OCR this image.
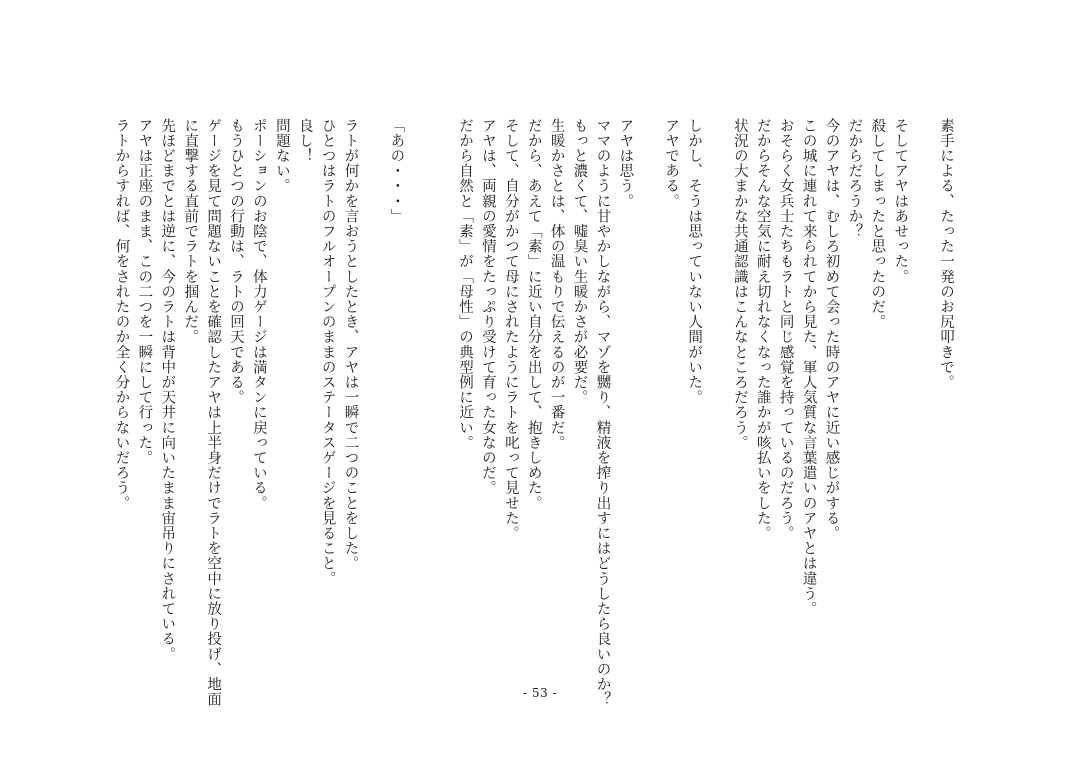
素手による、たった一発のお尻叩きで。
そしてアヤはあせった。
殺してしまったと思ったのだ。
だからだろうか？
今のアヤは、むしろ初めて会った時のアヤに近い感じがする。
この城に連れて来られてから見た、軍人気質な言葉遣いのアヤとは違う。
おそらく女兵士たちもラトと同じ感覚を持っているのだろう。
だからそんな空気に耐え切れなくなった誰かが咳払いをした。
状況の大まかな共通認識はこんなところだろう。
しかし、そうは思っていない人間がいた。
アヤである。
アヤは思う。
ママのように甘やかしながら、マゾを嬲り、精液を搾り出すにはどうしたら良いのか？
もっと濃くて、嘘臭い生暖かさが必要だ。
生暖かさとは、体の温もりで伝えるのが一番だ。
だから、あえて「素」に近い自分を出して、抱きしめた。
そして、自分がかつて母にされたようにラトを叱って見せた。
アヤは、両親の愛情をたっぷり受けて育った女なのだ。
だから自然と「素」が「母性」の典型例に近い。
「あの・・・」
ラトが何かを言おうとしたとき、アヤは一瞬で二つのことをした。
ひとつはラトのフルオープンのままのステータスゲージを見ること。
良し！
問題ない。
ポーションのお陰で、体力ゲージは満タンに戻っている。
もうひとつの行動は、ラトの回天である。
ゲージを見て問題ないことを確認したアヤは上半身だけでラトを空中に放り投げ、地面
に直撃する直前でラトを掴んだ。
先ほどまでとは逆に、今のラトは背中が天井に向いたまま宙吊りにされている。
アヤは正座のまま、この二つを一瞬にして行った。
ラトからすれば、何をされたのか全く分からないだろう。
- 53 -
